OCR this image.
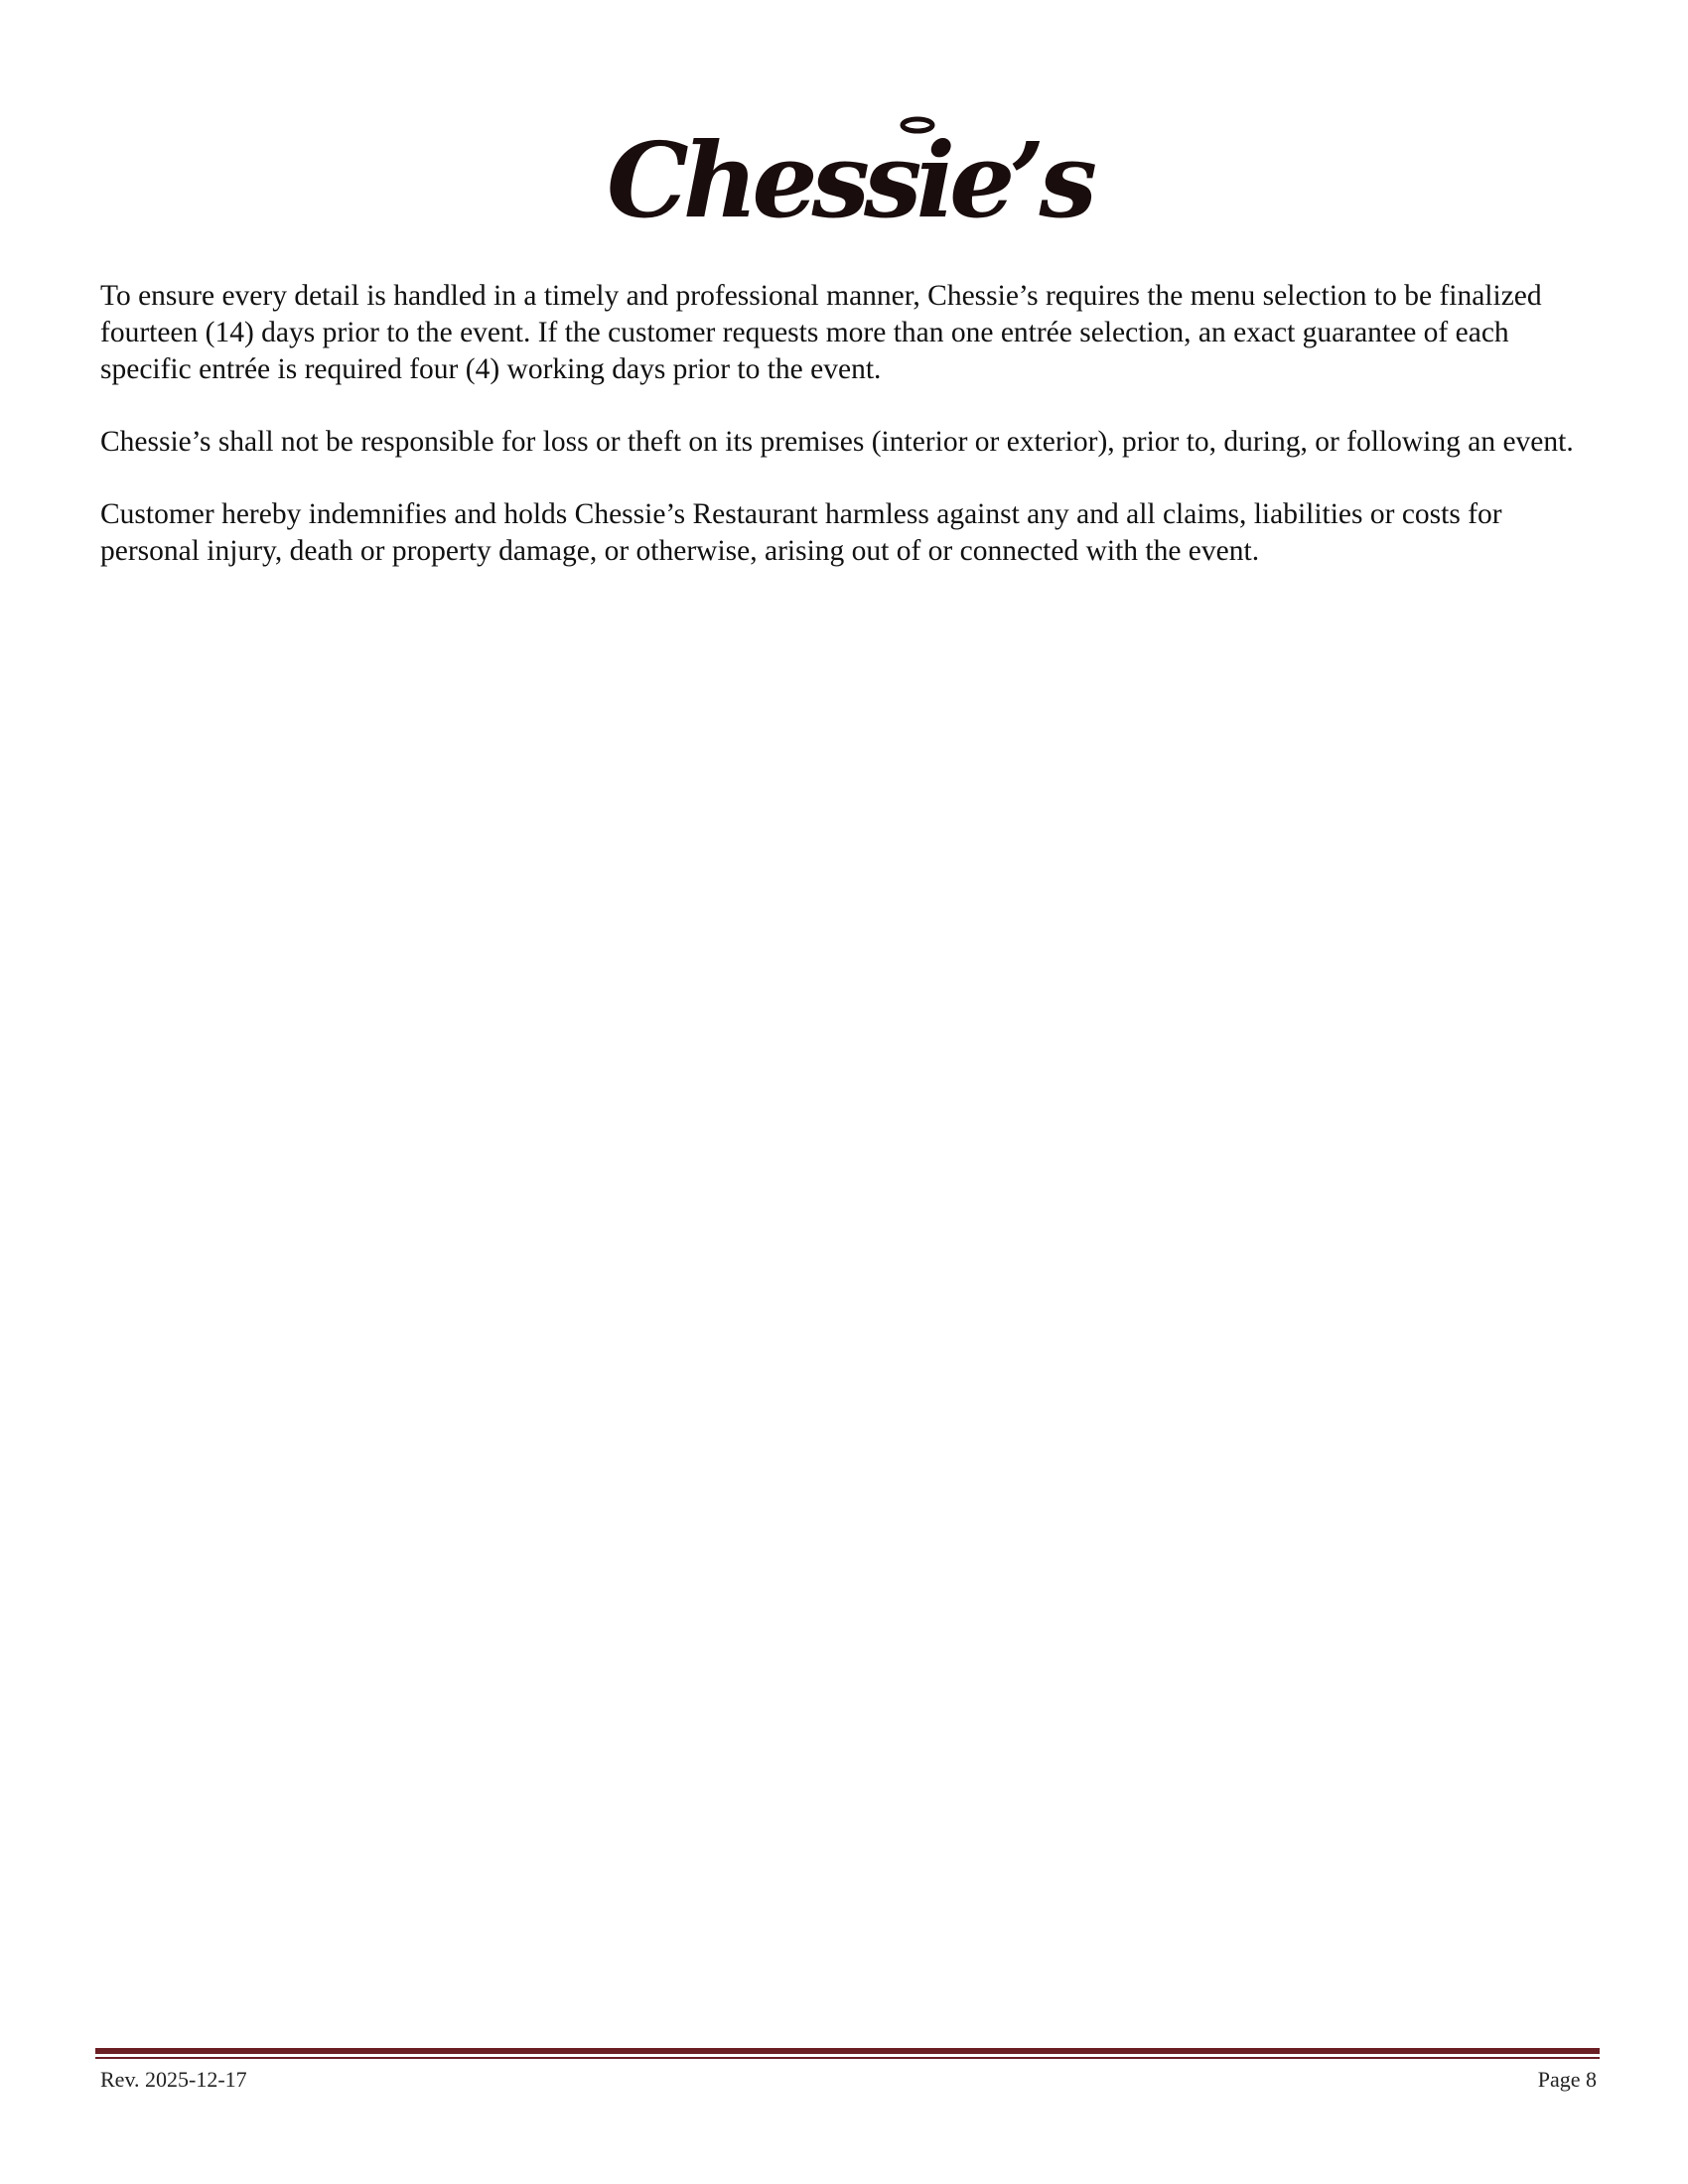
Chessie’s

To ensure every detail is handled in a timely and professional manner, Chessie’s requires the menu selection to be finalized fourteen (14) days prior to the event. If the customer requests more than one entrée selection, an exact guarantee of each specific entrée is required four (4) working days prior to the event.

Chessie’s shall not be responsible for loss or theft on its premises (interior or exterior), prior to, during, or following an event.

Customer hereby indemnifies and holds Chessie’s Restaurant harmless against any and all claims, liabilities or costs for personal injury, death or property damage, or otherwise, arising out of or connected with the event.

Rev. 2025-12-17	Page 8
